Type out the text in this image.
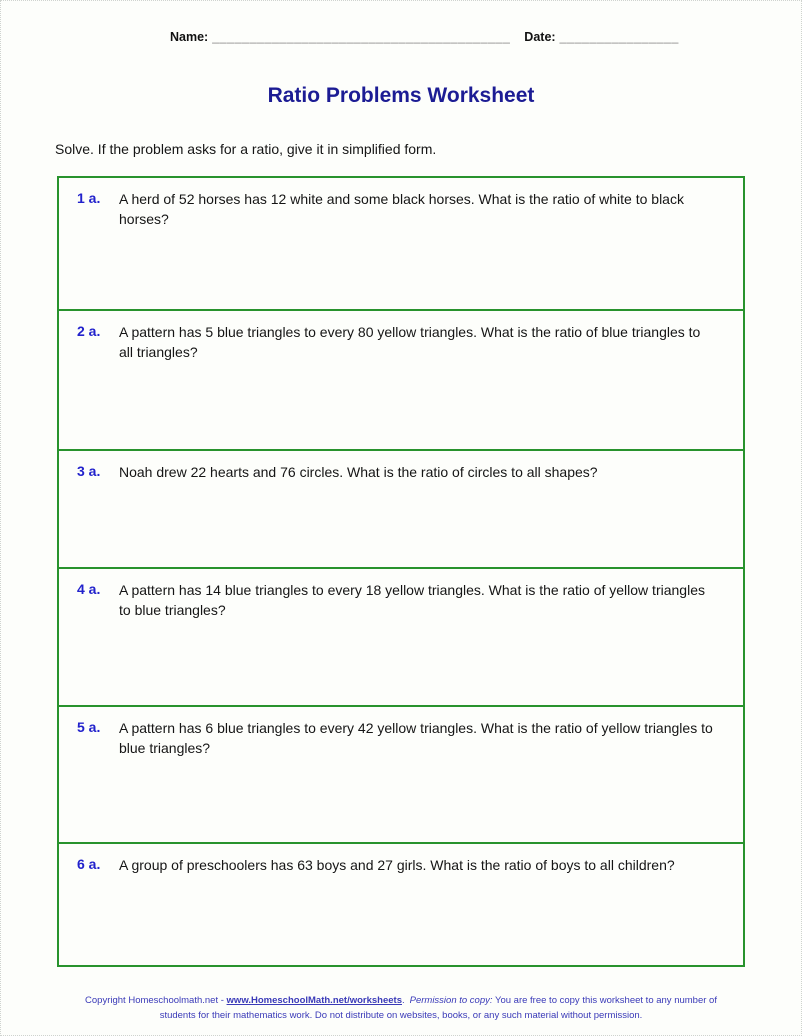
Name: ________________________________________ Date: ________________
Ratio Problems Worksheet
Solve. If the problem asks for a ratio, give it in simplified form.
1 a.	A herd of 52 horses has 12 white and some black horses. What is the ratio of white to black horses?
2 a.	A pattern has 5 blue triangles to every 80 yellow triangles. What is the ratio of blue triangles to all triangles?
3 a.	Noah drew 22 hearts and 76 circles. What is the ratio of circles to all shapes?
4 a.	A pattern has 14 blue triangles to every 18 yellow triangles. What is the ratio of yellow triangles to blue triangles?
5 a.	A pattern has 6 blue triangles to every 42 yellow triangles. What is the ratio of yellow triangles to blue triangles?
6 a.	A group of preschoolers has 63 boys and 27 girls. What is the ratio of boys to all children?
Copyright Homeschoolmath.net - www.HomeschoolMath.net/worksheets. Permission to copy: You are free to copy this worksheet to any number of students for their mathematics work. Do not distribute on websites, books, or any such material without permission.
